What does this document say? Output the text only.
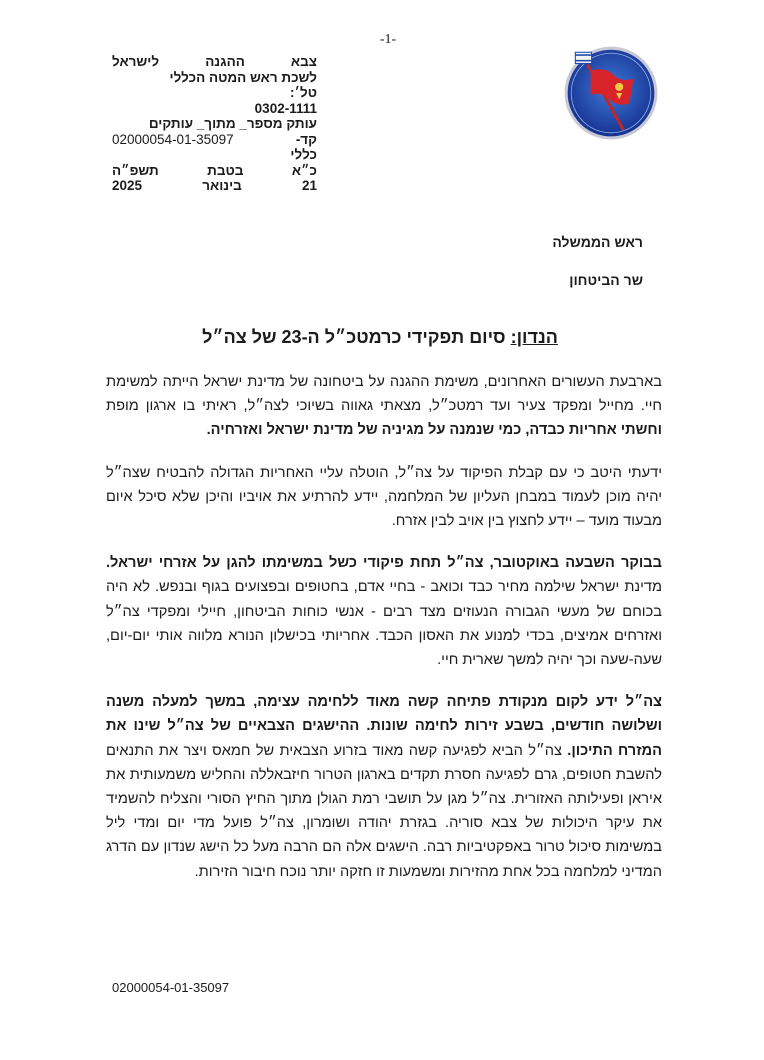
-1-
צבא
ההגנה
לישראל
לשכת ראש המטה הכללי
טל׳:
0302-1111
עותק מספר_ מתוך_ עותקים
קד-
02000054-01-35097
כללי
כ״א
בטבת
תשפ״ה
21
בינואר
2025
ראש הממשלה
שר הביטחון
הנדון: סיום תפקידי כרמטכ״ל ה-23 של צה״ל

בארבעת העשורים האחרונים, משימת ההגנה על ביטחונה של מדינת ישראל הייתה למשימת חיי. מחייל ומפקד צעיר ועד רמטכ״ל, מצאתי גאווה בשיוכי לצה״ל, ראיתי בו ארגון מופת וחשתי אחריות כבדה, כמי שנמנה על מגיניה של מדינת ישראל ואזרחיה.

ידעתי היטב כי עם קבלת הפיקוד על צה״ל, הוטלה עליי האחריות הגדולה להבטיח שצה״ל יהיה מוכן לעמוד במבחן העליון של המלחמה, יידע להרתיע את אויביו והיכן שלא סיכל איום מבעוד מועד – יידע לחצוץ בין אויב לבין אזרח.

בבוקר השבעה באוקטובר, צה״ל תחת פיקודי כשל במשימתו להגן על אזרחי ישראל. מדינת ישראל שילמה מחיר כבד וכואב - בחיי אדם, בחטופים ובפצועים בגוף ובנפש. לא היה בכוחם של מעשי הגבורה הנעוזים מצד רבים - אנשי כוחות הביטחון, חיילי ומפקדי צה״ל ואזרחים אמיצים, בכדי למנוע את האסון הכבד. אחריותי בכישלון הנורא מלווה אותי יום-יום, שעה-שעה וכך יהיה למשך שארית חיי.

צה״ל ידע לקום מנקודת פתיחה קשה מאוד ללחימה עצימה, במשך למעלה משנה ושלושה חודשים, בשבע זירות לחימה שונות. ההישגים הצבאיים של צה״ל שינו את המזרח התיכון. צה״ל הביא לפגיעה קשה מאוד בזרוע הצבאית של חמאס ויצר את התנאים להשבת חטופים, גרם לפגיעה חסרת תקדים בארגון הטרור חיזבאללה והחליש משמעותית את איראן ופעילותה האזורית. צה״ל מגן על תושבי רמת הגולן מתוך החיץ הסורי והצליח להשמיד את עיקר היכולות של צבא סוריה. בגזרת יהודה ושומרון, צה״ל פועל מדי יום ומדי ליל במשימות סיכול טרור באפקטיביות רבה. הישגים אלה הם הרבה מעל כל הישג שנדון עם הדרג המדיני למלחמה בכל אחת מהזירות ומשמעות זו חזקה יותר נוכח חיבור הזירות.

02000054-01-35097
